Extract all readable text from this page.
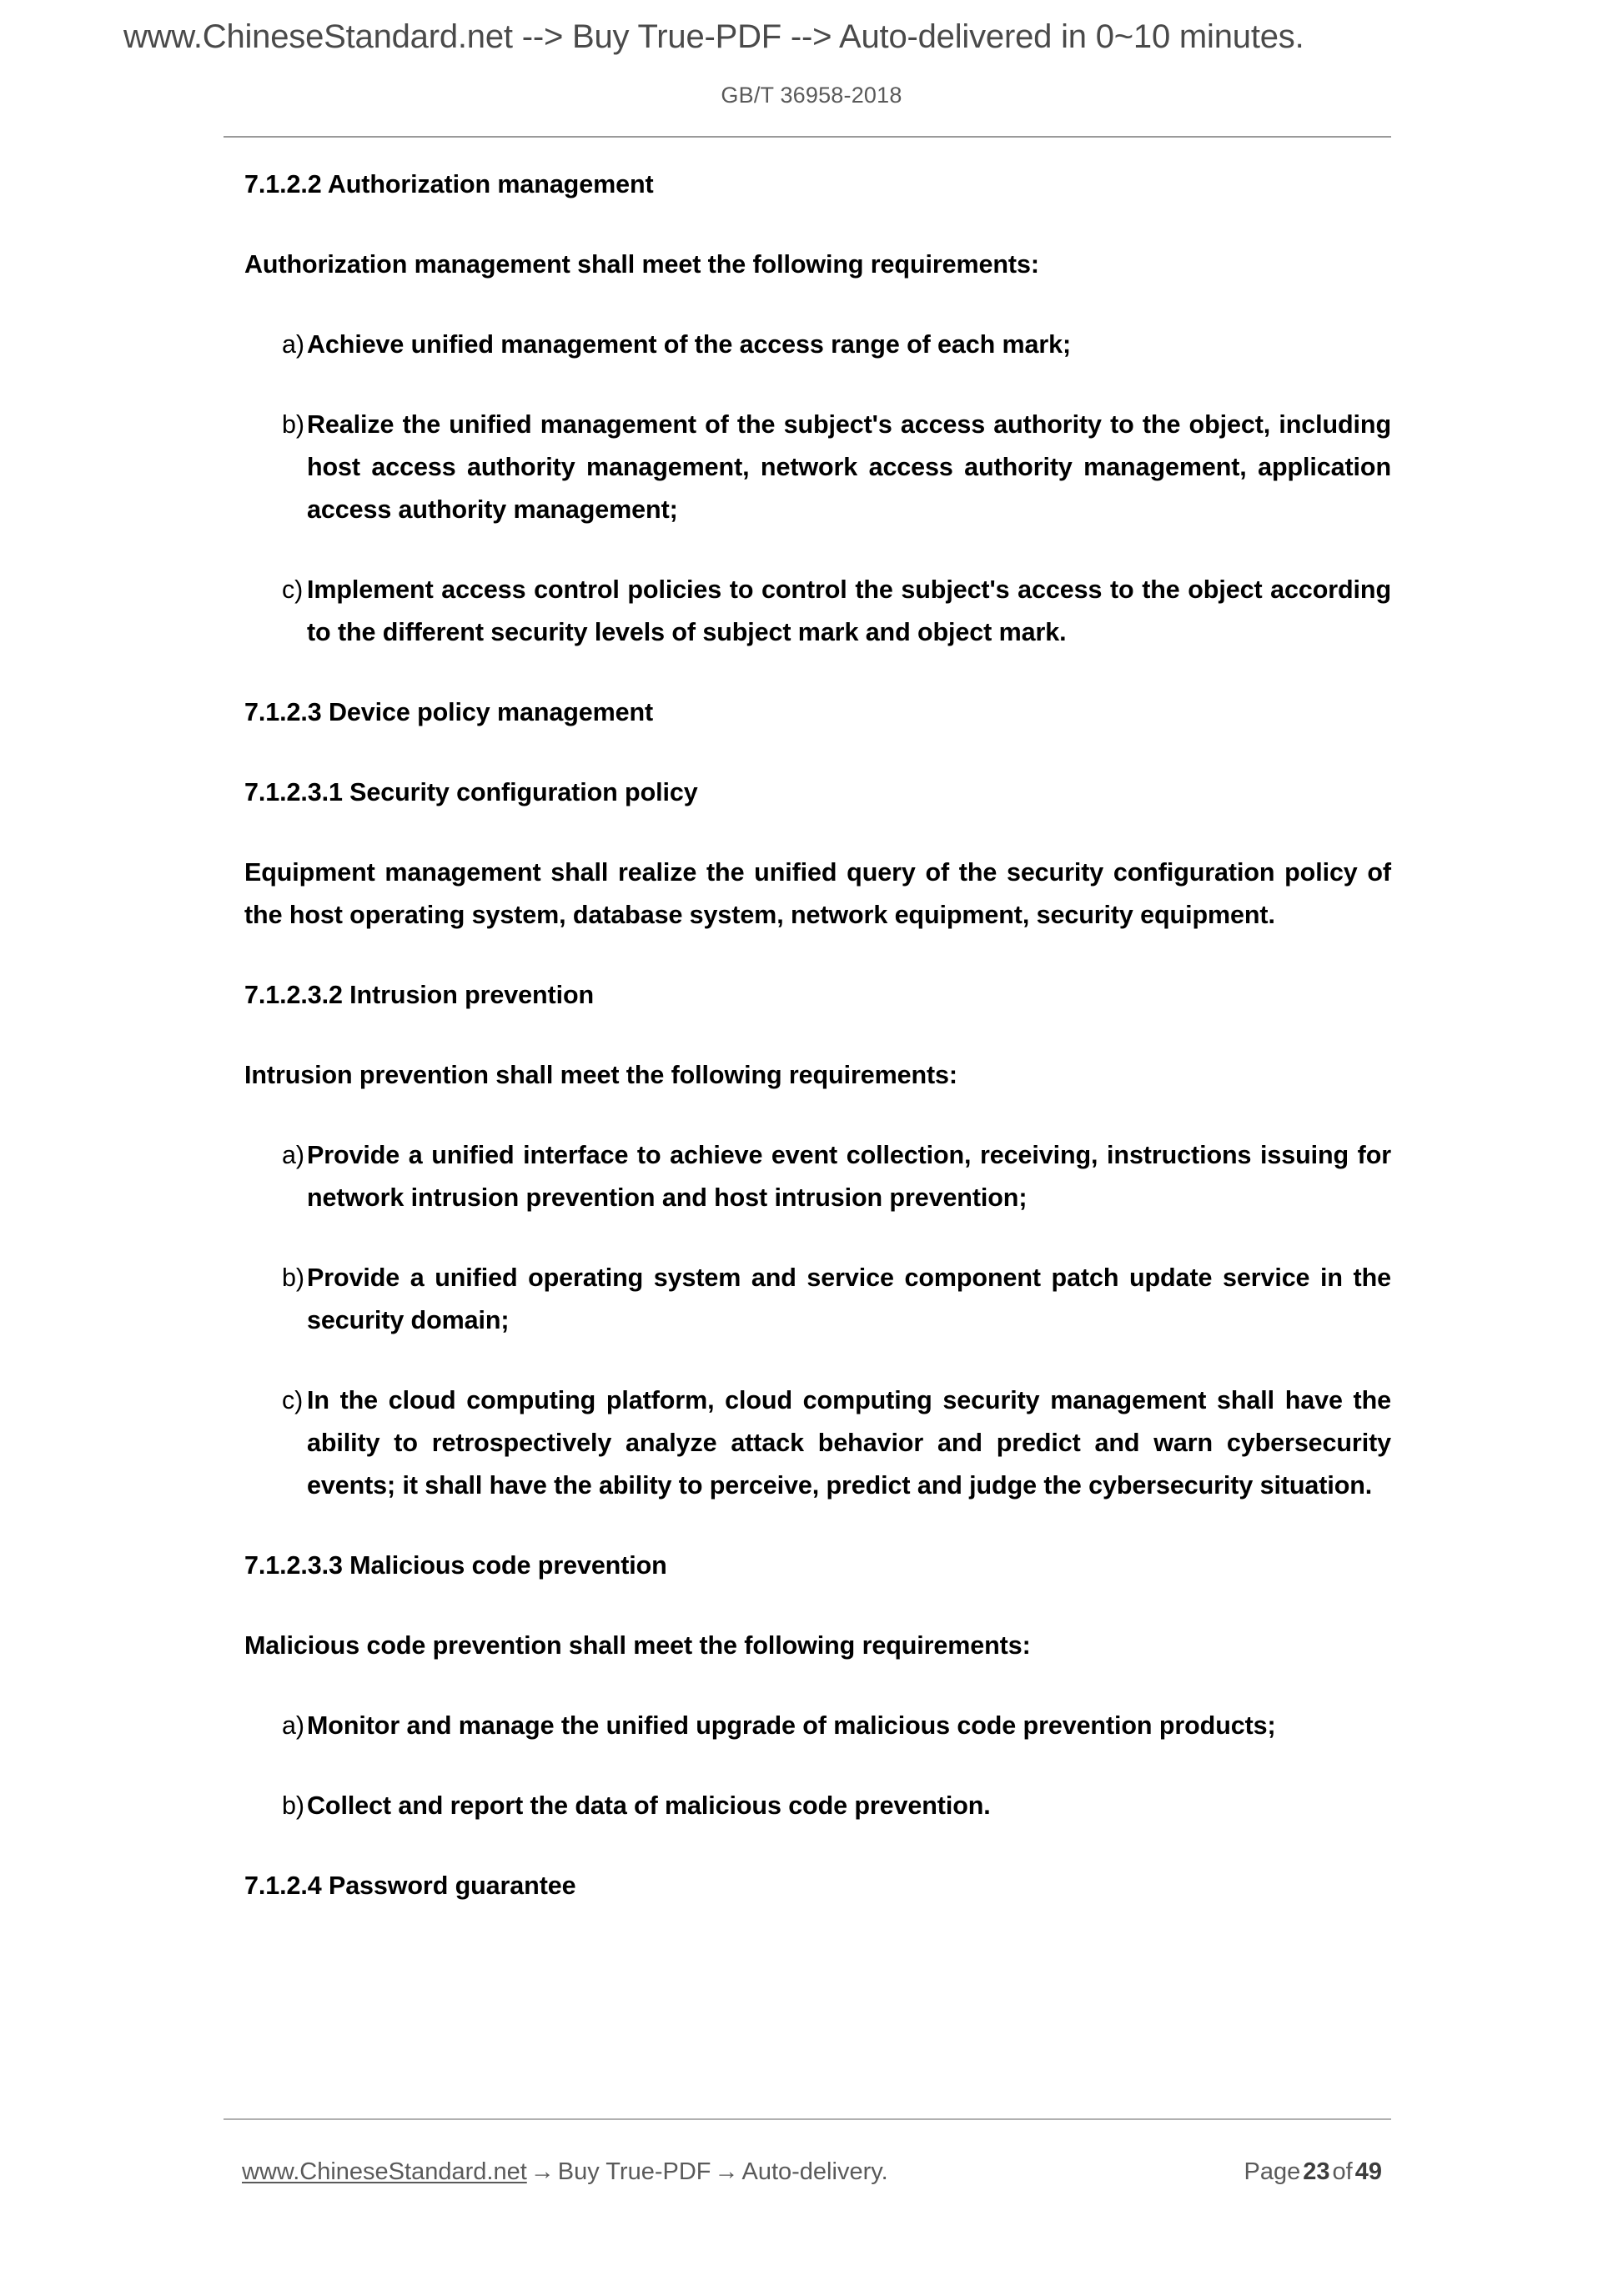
www.ChineseStandard.net --> Buy True-PDF --> Auto-delivered in 0~10 minutes.
GB/T 36958-2018
7.1.2.2 Authorization management
Authorization management shall meet the following requirements:
a) Achieve unified management of the access range of each mark;
b) Realize the unified management of the subject's access authority to the object, including host access authority management, network access authority management, application access authority management;
c) Implement access control policies to control the subject's access to the object according to the different security levels of subject mark and object mark.
7.1.2.3 Device policy management
7.1.2.3.1 Security configuration policy
Equipment management shall realize the unified query of the security configuration policy of the host operating system, database system, network equipment, security equipment.
7.1.2.3.2 Intrusion prevention
Intrusion prevention shall meet the following requirements:
a) Provide a unified interface to achieve event collection, receiving, instructions issuing for network intrusion prevention and host intrusion prevention;
b) Provide a unified operating system and service component patch update service in the security domain;
c) In the cloud computing platform, cloud computing security management shall have the ability to retrospectively analyze attack behavior and predict and warn cybersecurity events; it shall have the ability to perceive, predict and judge the cybersecurity situation.
7.1.2.3.3 Malicious code prevention
Malicious code prevention shall meet the following requirements:
a) Monitor and manage the unified upgrade of malicious code prevention products;
b) Collect and report the data of malicious code prevention.
7.1.2.4 Password guarantee
www.ChineseStandard.net → Buy True-PDF → Auto-delivery.	Page 23 of 49
